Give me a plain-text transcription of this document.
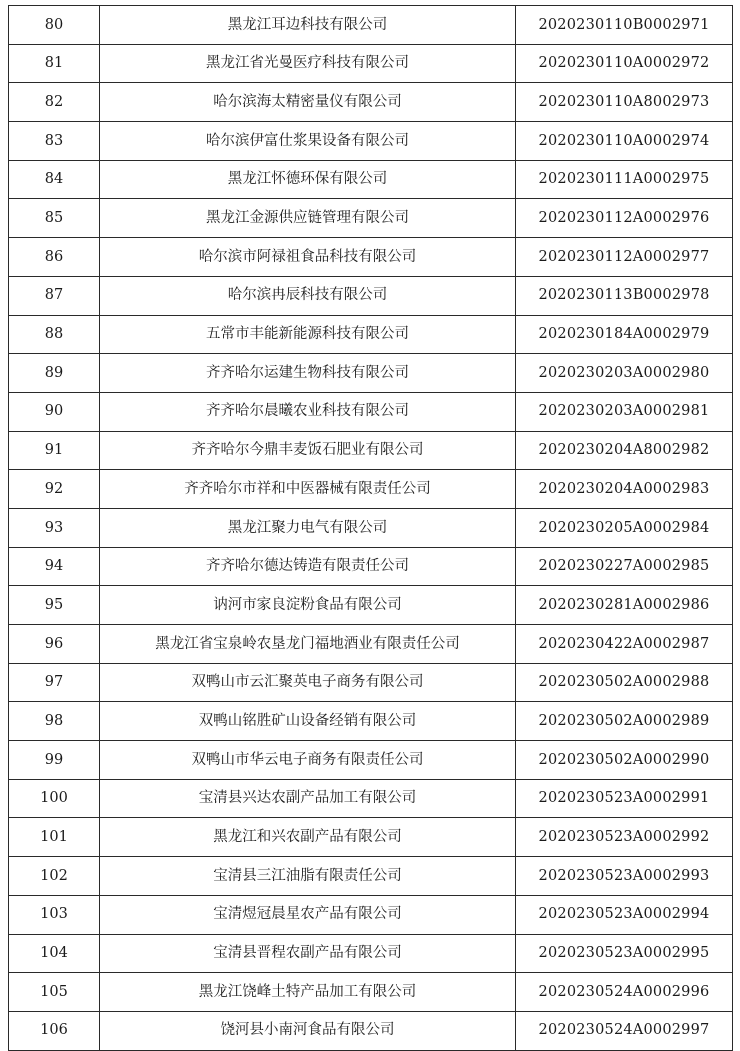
80	黑龙江耳边科技有限公司	2020230110B0002971
81	黑龙江省光曼医疗科技有限公司	2020230110A0002972
82	哈尔滨海太精密量仪有限公司	2020230110A8002973
83	哈尔滨伊富仕浆果设备有限公司	2020230110A0002974
84	黑龙江怀德环保有限公司	2020230111A0002975
85	黑龙江金源供应链管理有限公司	2020230112A0002976
86	哈尔滨市阿禄祖食品科技有限公司	2020230112A0002977
87	哈尔滨冉辰科技有限公司	2020230113B0002978
88	五常市丰能新能源科技有限公司	2020230184A0002979
89	齐齐哈尔运建生物科技有限公司	2020230203A0002980
90	齐齐哈尔晨曦农业科技有限公司	2020230203A0002981
91	齐齐哈尔今鼎丰麦饭石肥业有限公司	2020230204A8002982
92	齐齐哈尔市祥和中医器械有限责任公司	2020230204A0002983
93	黑龙江聚力电气有限公司	2020230205A0002984
94	齐齐哈尔德达铸造有限责任公司	2020230227A0002985
95	讷河市家良淀粉食品有限公司	2020230281A0002986
96	黑龙江省宝泉岭农垦龙门福地酒业有限责任公司	2020230422A0002987
97	双鸭山市云汇聚英电子商务有限公司	2020230502A0002988
98	双鸭山铭胜矿山设备经销有限公司	2020230502A0002989
99	双鸭山市华云电子商务有限责任公司	2020230502A0002990
100	宝清县兴达农副产品加工有限公司	2020230523A0002991
101	黑龙江和兴农副产品有限公司	2020230523A0002992
102	宝清县三江油脂有限责任公司	2020230523A0002993
103	宝清煜冠晨星农产品有限公司	2020230523A0002994
104	宝清县晋程农副产品有限公司	2020230523A0002995
105	黑龙江饶峰土特产品加工有限公司	2020230524A0002996
106	饶河县小南河食品有限公司	2020230524A0002997
